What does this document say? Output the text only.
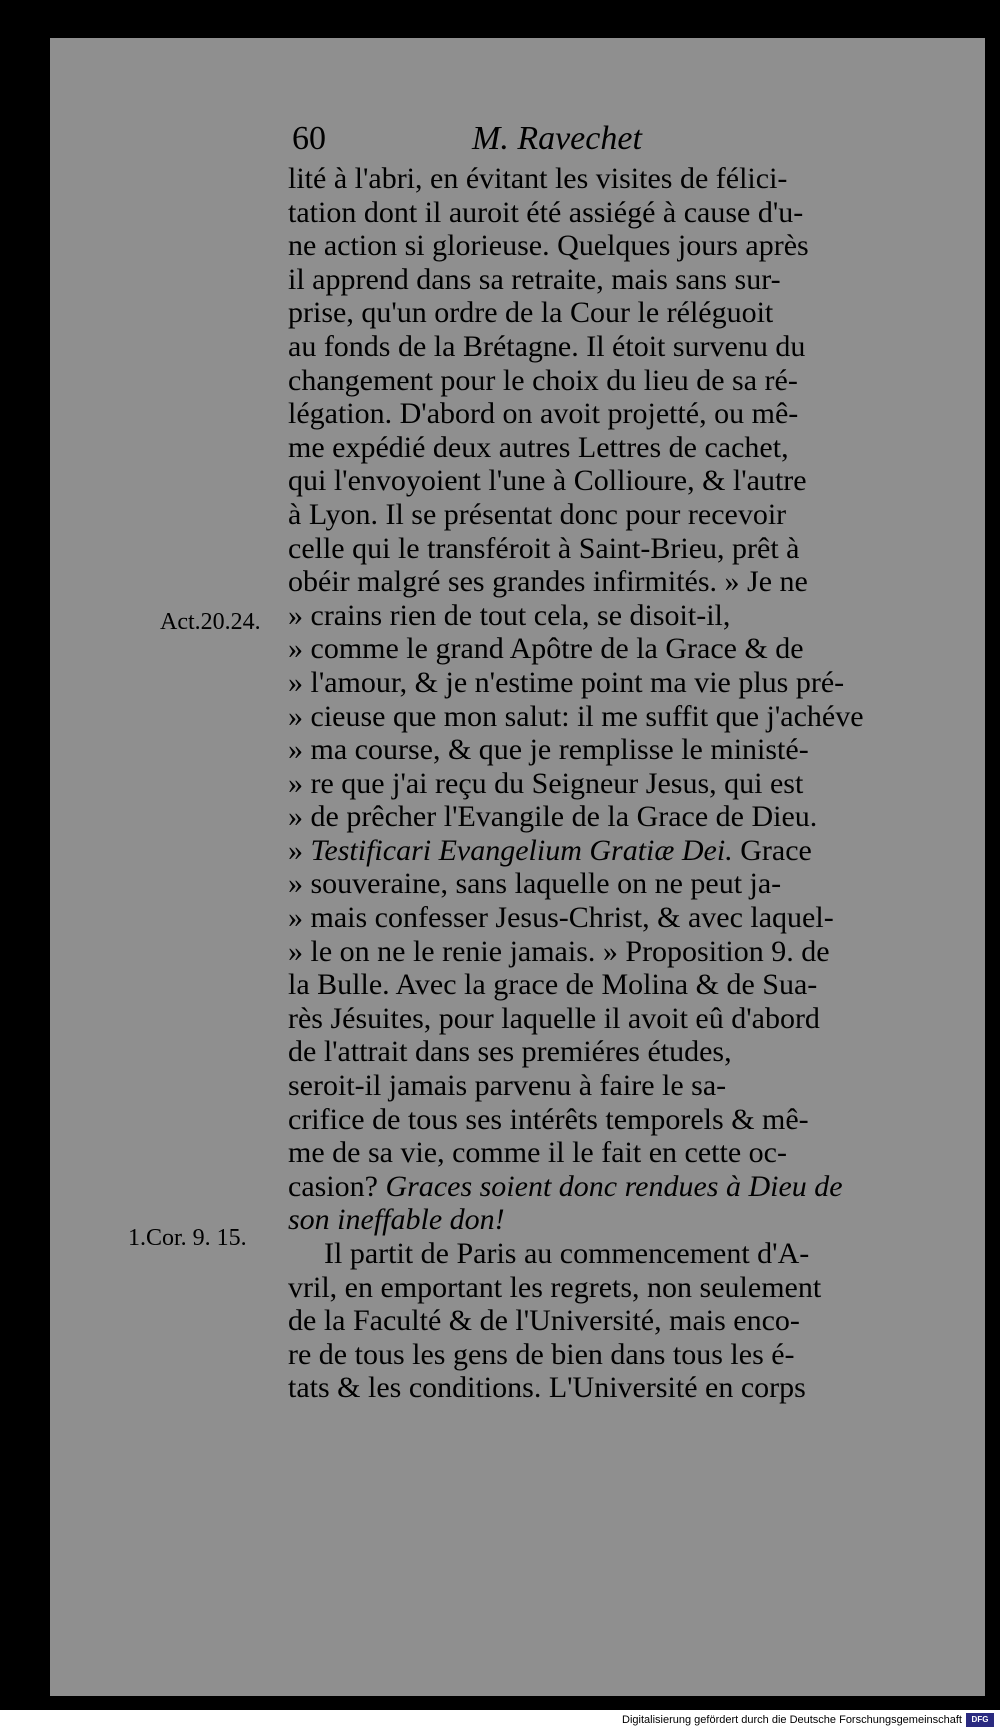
60	M. Ravechet
Act.20.24.
1.Cor. 9. 15.
lité à l'abri, en évitant les visites de félici-
tation dont il auroit été assiégé à cause d'u-
ne action si glorieuse. Quelques jours après
il apprend dans sa retraite, mais sans sur-
prise, qu'un ordre de la Cour le réléguoit
au fonds de la Brétagne. Il étoit survenu du
changement pour le choix du lieu de sa ré-
légation. D'abord on avoit projetté, ou mê-
me expédié deux autres Lettres de cachet,
qui l'envoyoient l'une à Collioure, & l'autre
à Lyon. Il se présentat donc pour recevoir
celle qui le transféroit à Saint-Brieu, prêt à
obéir malgré ses grandes infirmités. » Je ne
» crains rien de tout cela, se disoit-il,
» comme le grand Apôtre de la Grace & de
» l'amour, & je n'estime point ma vie plus pré-
» cieuse que mon salut: il me suffit que j'achéve
» ma course, & que je remplisse le ministé-
» re que j'ai reçu du Seigneur Jesus, qui est
» de prêcher l'Evangile de la Grace de Dieu.
» Testificari Evangelium Gratiæ Dei. Grace
» souveraine, sans laquelle on ne peut ja-
» mais confesser Jesus-Christ, & avec laquel-
» le on ne le renie jamais. » Proposition 9. de
la Bulle. Avec la grace de Molina & de Sua-
rès Jésuites, pour laquelle il avoit eû d'abord
de l'attrait dans ses premiéres études,
seroit-il jamais parvenu à faire le sa-
crifice de tous ses intérêts temporels & mê-
me de sa vie, comme il le fait en cette oc-
casion? Graces soient donc rendues à Dieu de
son ineffable don!
Il partit de Paris au commencement d'A-
vril, en emportant les regrets, non seulement
de la Faculté & de l'Université, mais enco-
re de tous les gens de bien dans tous les é-
tats & les conditions. L'Université en corps
Digitalisierung gefördert durch die Deutsche Forschungsgemeinschaft	DFG
